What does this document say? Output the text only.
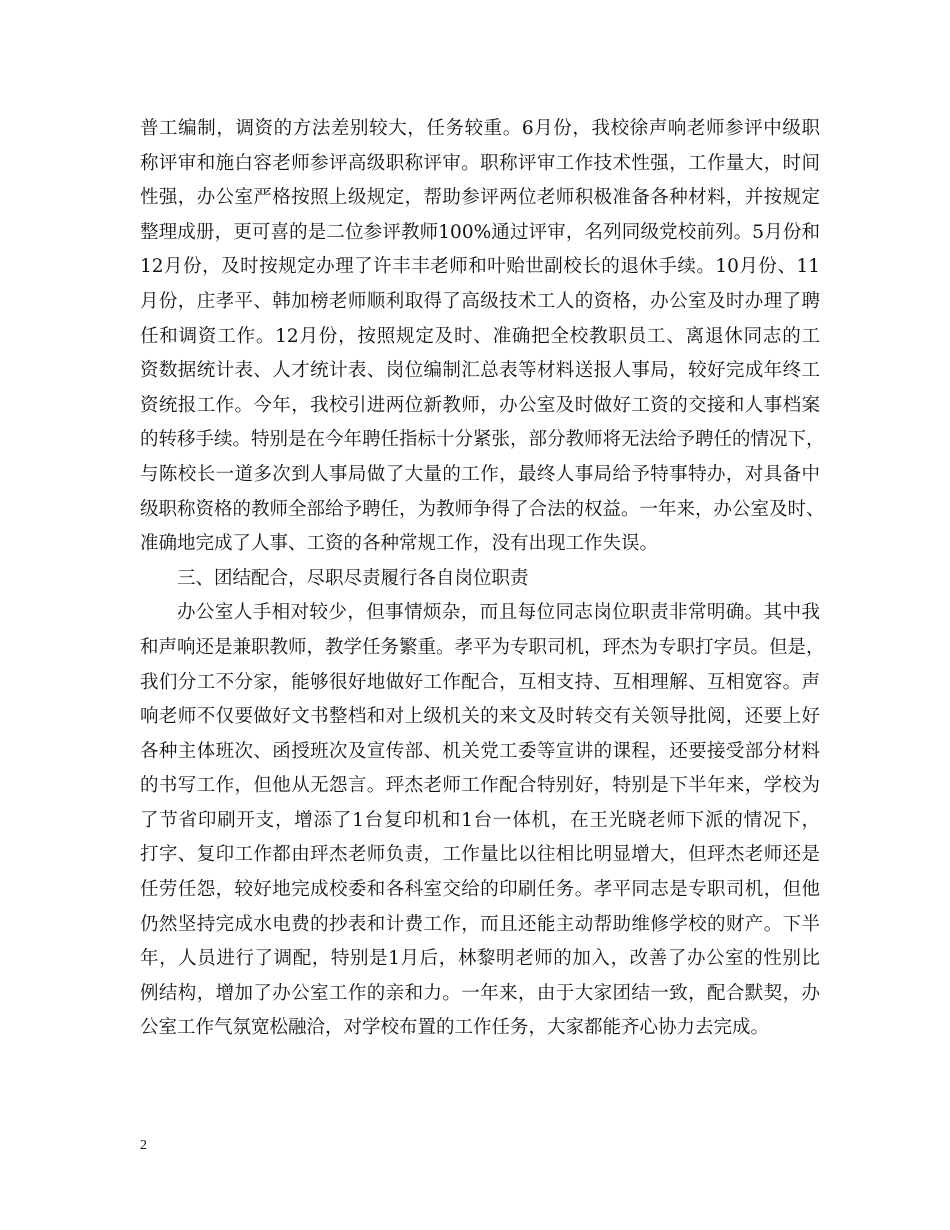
普工编制，调资的方法差别较大，任务较重。6月份，我校徐声响老师参评中级职
称评审和施白容老师参评高级职称评审。职称评审工作技术性强，工作量大，时间
性强，办公室严格按照上级规定，帮助参评两位老师积极准备各种材料，并按规定
整理成册，更可喜的是二位参评教师100%通过评审，名列同级党校前列。5月份和
12月份，及时按规定办理了许丰丰老师和叶贻世副校长的退休手续。10月份、11
月份，庄孝平、韩加榜老师顺利取得了高级技术工人的资格，办公室及时办理了聘
任和调资工作。12月份，按照规定及时、准确把全校教职员工、离退休同志的工
资数据统计表、人才统计表、岗位编制汇总表等材料送报人事局，较好完成年终工
资统报工作。今年，我校引进两位新教师，办公室及时做好工资的交接和人事档案
的转移手续。特别是在今年聘任指标十分紧张，部分教师将无法给予聘任的情况下，
与陈校长一道多次到人事局做了大量的工作，最终人事局给予特事特办，对具备中
级职称资格的教师全部给予聘任，为教师争得了合法的权益。一年来，办公室及时、
准确地完成了人事、工资的各种常规工作，没有出现工作失误。
三、团结配合，尽职尽责履行各自岗位职责
办公室人手相对较少，但事情烦杂，而且每位同志岗位职责非常明确。其中我
和声响还是兼职教师，教学任务繁重。孝平为专职司机，玶杰为专职打字员。但是，
我们分工不分家，能够很好地做好工作配合，互相支持、互相理解、互相宽容。声
响老师不仅要做好文书整档和对上级机关的来文及时转交有关领导批阅，还要上好
各种主体班次、函授班次及宣传部、机关党工委等宣讲的课程，还要接受部分材料
的书写工作，但他从无怨言。玶杰老师工作配合特别好，特别是下半年来，学校为
了节省印刷开支，增添了1台复印机和1台一体机，在王光晓老师下派的情况下，
打字、复印工作都由玶杰老师负责，工作量比以往相比明显增大，但玶杰老师还是
任劳任怨，较好地完成校委和各科室交给的印刷任务。孝平同志是专职司机，但他
仍然坚持完成水电费的抄表和计费工作，而且还能主动帮助维修学校的财产。下半
年，人员进行了调配，特别是1月后，林黎明老师的加入，改善了办公室的性别比
例结构，增加了办公室工作的亲和力。一年来，由于大家团结一致，配合默契，办
公室工作气氛宽松融洽，对学校布置的工作任务，大家都能齐心协力去完成。
2
